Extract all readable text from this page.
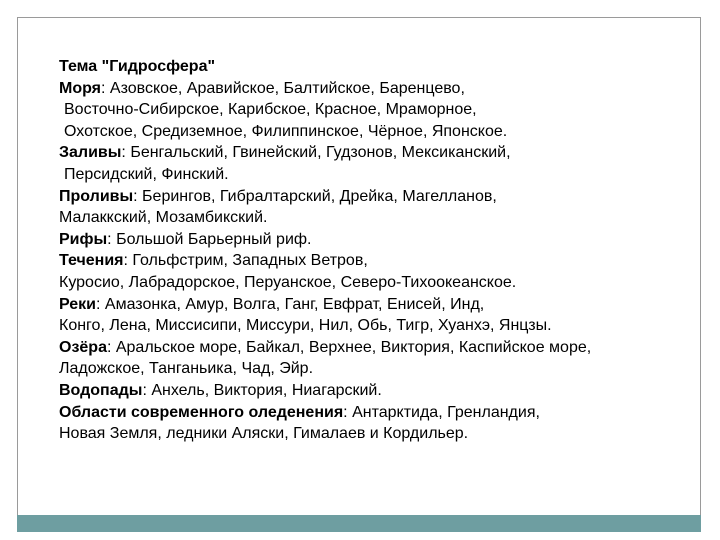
Тема "Гидросфера"

Моря: Азовское, Аравийское, Балтийское, Баренцево,

Восточно-Сибирское, Карибское, Красное, Мраморное,

Охотское, Средиземное, Филиппинское, Чёрное, Японское.

Заливы: Бенгальский, Гвинейский, Гудзонов, Мексиканский,

Персидский, Финский.

Проливы: Берингов, Гибралтарский, Дрейка, Магелланов,

Малаккский, Мозамбикский.

Рифы: Большой Барьерный риф.

Течения: Гольфстрим, Западных Ветров,

Куросио, Лабрадорское, Перуанское, Северо-Тихоокеанское.

Реки: Амазонка, Амур, Волга, Ганг, Евфрат, Енисей, Инд,

Конго, Лена, Миссисипи, Миссури, Нил, Обь, Тигр, Хуанхэ, Янцзы.

Озёра: Аральское море, Байкал, Верхнее, Виктория, Каспийское море,

Ладожское, Танганьика, Чад, Эйр.

Водопады: Анхель, Виктория, Ниагарский.

Области современного оледенения: Антарктида, Гренландия,

Новая Земля, ледники Аляски, Гималаев и Кордильер.
